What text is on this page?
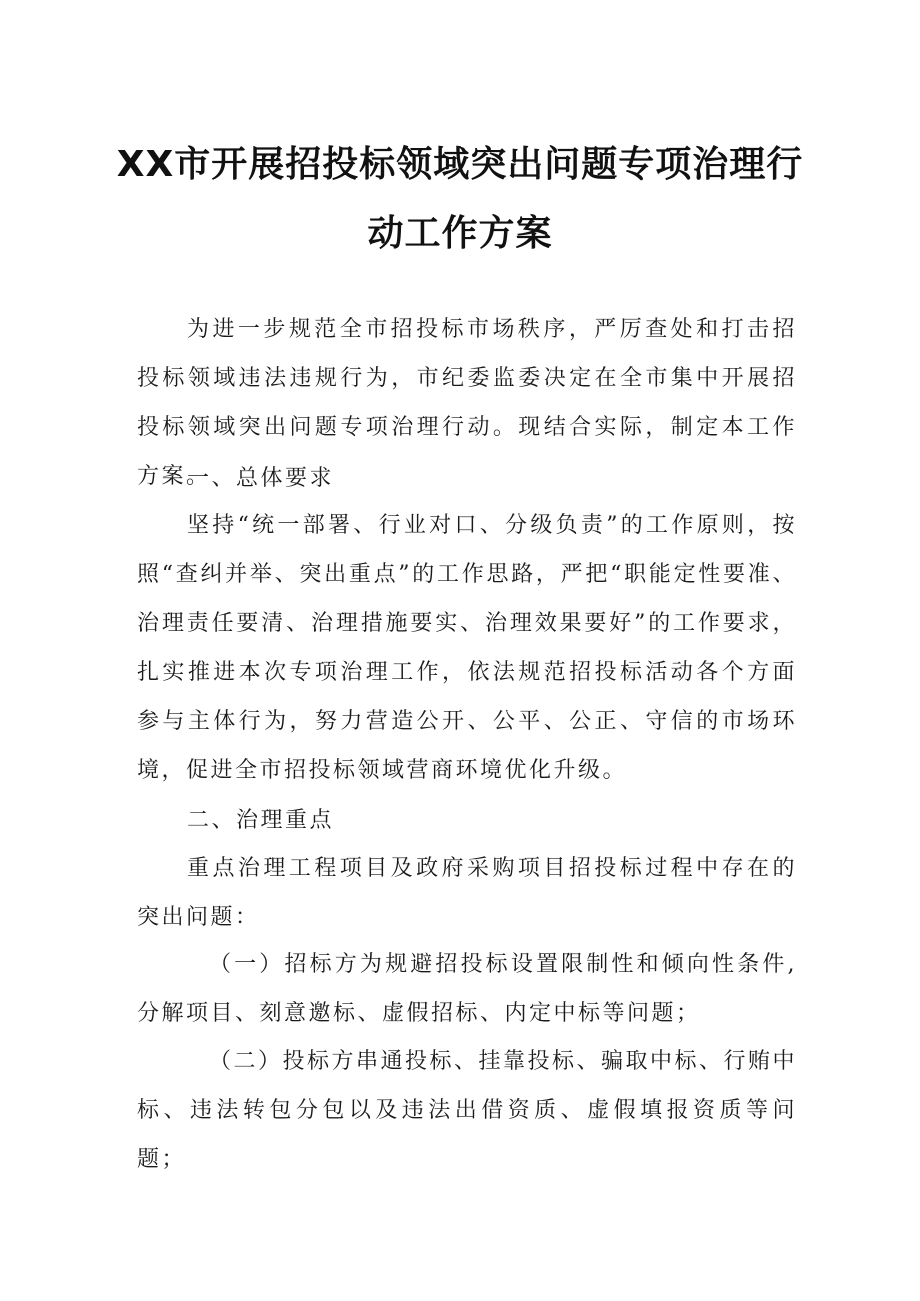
XX市开展招投标领域突出问题专项治理行
动工作方案
为进一步规范全市招投标市场秩序，严厉查处和打击招投标领域违法违规行为，市纪委监委决定在全市集中开展招投标领域突出问题专项治理行动。现结合实际，制定本工作方案。
一、总体要求
坚持“统一部署、行业对口、分级负责”的工作原则，按照“查纠并举、突出重点”的工作思路，严把“职能定性要准、治理责任要清、治理措施要实、治理效果要好”的工作要求，扎实推进本次专项治理工作，依法规范招投标活动各个方面参与主体行为，努力营造公开、公平、公正、守信的市场环境，促进全市招投标领域营商环境优化升级。
二、治理重点
重点治理工程项目及政府采购项目招投标过程中存在的突出问题：
（一）招标方为规避招投标设置限制性和倾向性条件,分解项目、刻意邀标、虚假招标、内定中标等问题；
（二）投标方串通投标、挂靠投标、骗取中标、行贿中标、违法转包分包以及违法出借资质、虚假填报资质等问题；
